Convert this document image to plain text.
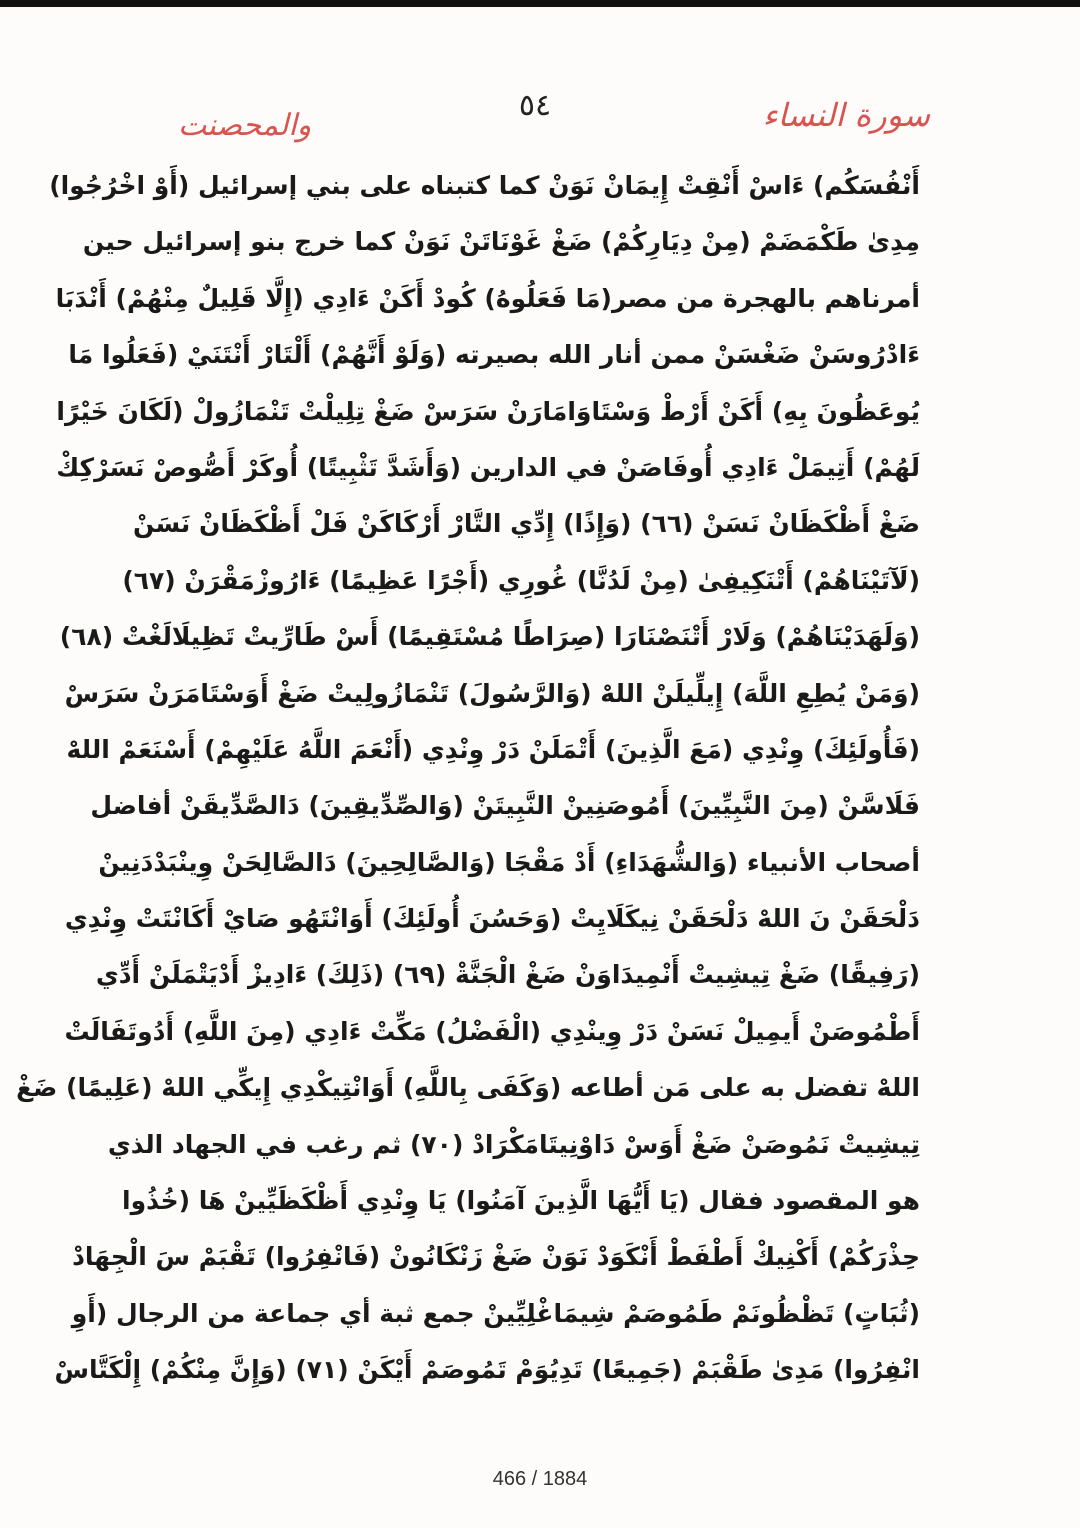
٥٤	سورة النساء
والمحصنت
أَنْفُسَكُم) ءَاسْ أَنْقِتْ إِيمَانْ نَوَنْ كما كتبناه على بني إسرائيل (أَوْ اخْرُجُوا)
مِدِىٰ طَكْمَضَمْ (مِنْ دِيَارِكُمْ) ضَغْ غَوْنَاتَنْ نَوَنْ كما خرج بنو إسرائيل حين
أمرناهم بالهجرة من مصر(مَا فَعَلُوهُ) كُودْ أَكَنْ ءَادِي (إِلَّا قَلِيلٌ مِنْهُمْ) أَنْدَبَا
ءَادْرُوسَنْ ضَغْسَنْ ممن أنار الله بصيرته (وَلَوْ أَنَّهُمْ) أَلْتَارْ أَنْتَنَيْ (فَعَلُوا مَا
يُوعَظُونَ بِهِ) أَكَنْ أَرْطْ وَسْتَاوَامَارَنْ سَرَسْ ضَغْ تِلِيلْتْ تَنْمَازُولْ (لَكَانَ خَيْرًا
لَهُمْ) أَتِيمَلْ ءَادِي أُوفَاصَنْ في الدارين (وَأَشَدَّ تَثْبِيتًا) أُوكَرْ أَصُّوصْ نَسَرْكِكْ
ضَغْ أَظْكَظَانْ نَسَنْ (٦٦) (وَإِذًا) إِدِّي التَّارْ أَرْكَاكَنْ فَلْ أَظْكَظَانْ نَسَنْ
(لَآتَيْنَاهُمْ) أَتْنَكِيفِىٰ (مِنْ لَدُنَّا) غُورِي (أَجْرًا عَظِيمًا) ءَارُوزْمَقْرَنْ (٦٧)
(وَلَهَدَيْنَاهُمْ) وَلَارْ أَتْنَصْنَارَا (صِرَاطًا مُسْتَقِيمًا) أَسْ طَارِّيتْ تَظِيلَالَغْتْ (٦٨)
(وَمَنْ يُطِعِ اللَّهَ) إِيلِّيلَنْ اللهْ (وَالرَّسُولَ) تَنْمَازُولِيتْ ضَغْ أَوَسْتَامَرَنْ سَرَسْ
(فَأُولَئِكَ) وِنْدِي (مَعَ الَّذِينَ) أَتْمَلَنْ دَرْ وِنْدِي (أَنْعَمَ اللَّهُ عَلَيْهِمْ) أَسْنَعَمْ اللهْ
فَلَاسَّنْ (مِنَ النَّبِيِّينَ) أَمُوصَنِينْ النَّبِيتَنْ (وَالصِّدِّيقِينَ) دَالصَّدِّيقَنْ أفاضل
أصحاب الأنبياء (وَالشُّهَدَاءِ) أَدْ مَقْجَا (وَالصَّالِحِينَ) دَالصَّالِحَنْ وِينْبَدْدَنِينْ
دَلْحَقَنْ نَ اللهْ دَلْحَقَنْ نِيكَلَايِتْ (وَحَسُنَ أُولَئِكَ) أَوَانْتَهُو صَايْ أَكَانْتَتْ وِنْدِي
(رَفِيقًا) ضَغْ تِيشِيتْ أَنْمِيدَاوَنْ ضَغْ الْجَنَّةْ (٦٩) (ذَلِكَ) ءَادِيزْ أَدْيَتْمَلَنْ أَدِّي
أَطْمُوصَنْ أَيمِيلْ نَسَنْ دَرْ وِينْدِي (الْفَضْلُ) مَكِّتْ ءَادِي (مِنَ اللَّهِ) أَدُوتَفَالَتْ
اللهْ تفضل به على مَن أطاعه (وَكَفَى بِاللَّهِ) أَوَانْتِيكْدِي إِيكِّي اللهْ (عَلِيمًا) ضَغْ
تِيشِيتْ نَمُوصَنْ ضَغْ أَوَسْ دَاوْنِيتَامَكْرَادْ (٧٠) ثم رغب في الجهاد الذي
هو المقصود فقال (يَا أَيُّهَا الَّذِينَ آمَنُوا) يَا وِنْدِي أَظْكَظَيِّينْ هَا (خُذُوا
حِذْرَكُمْ) أَكْنِيكْ أَطْفَطْ أَنْكَوَدْ نَوَنْ ضَغْ زَنْكَانُونْ (فَانْفِرُوا) تَقْبَمْ سَ الْجِهَادْ
(ثُبَاتٍ) تَظْظُونَمْ طَمُوصَمْ شِيمَاغْلِيِّينْ جمع ثبة أي جماعة من الرجال (أَوِ
انْفِرُوا) مَدِىٰ طَقْبَمْ (جَمِيعًا) تَدِيُوَمْ تَمُوصَمْ أَيْكَنْ (٧١) (وَإِنَّ مِنْكُمْ) إِلْكَتَّاسْ
466 / 1884
